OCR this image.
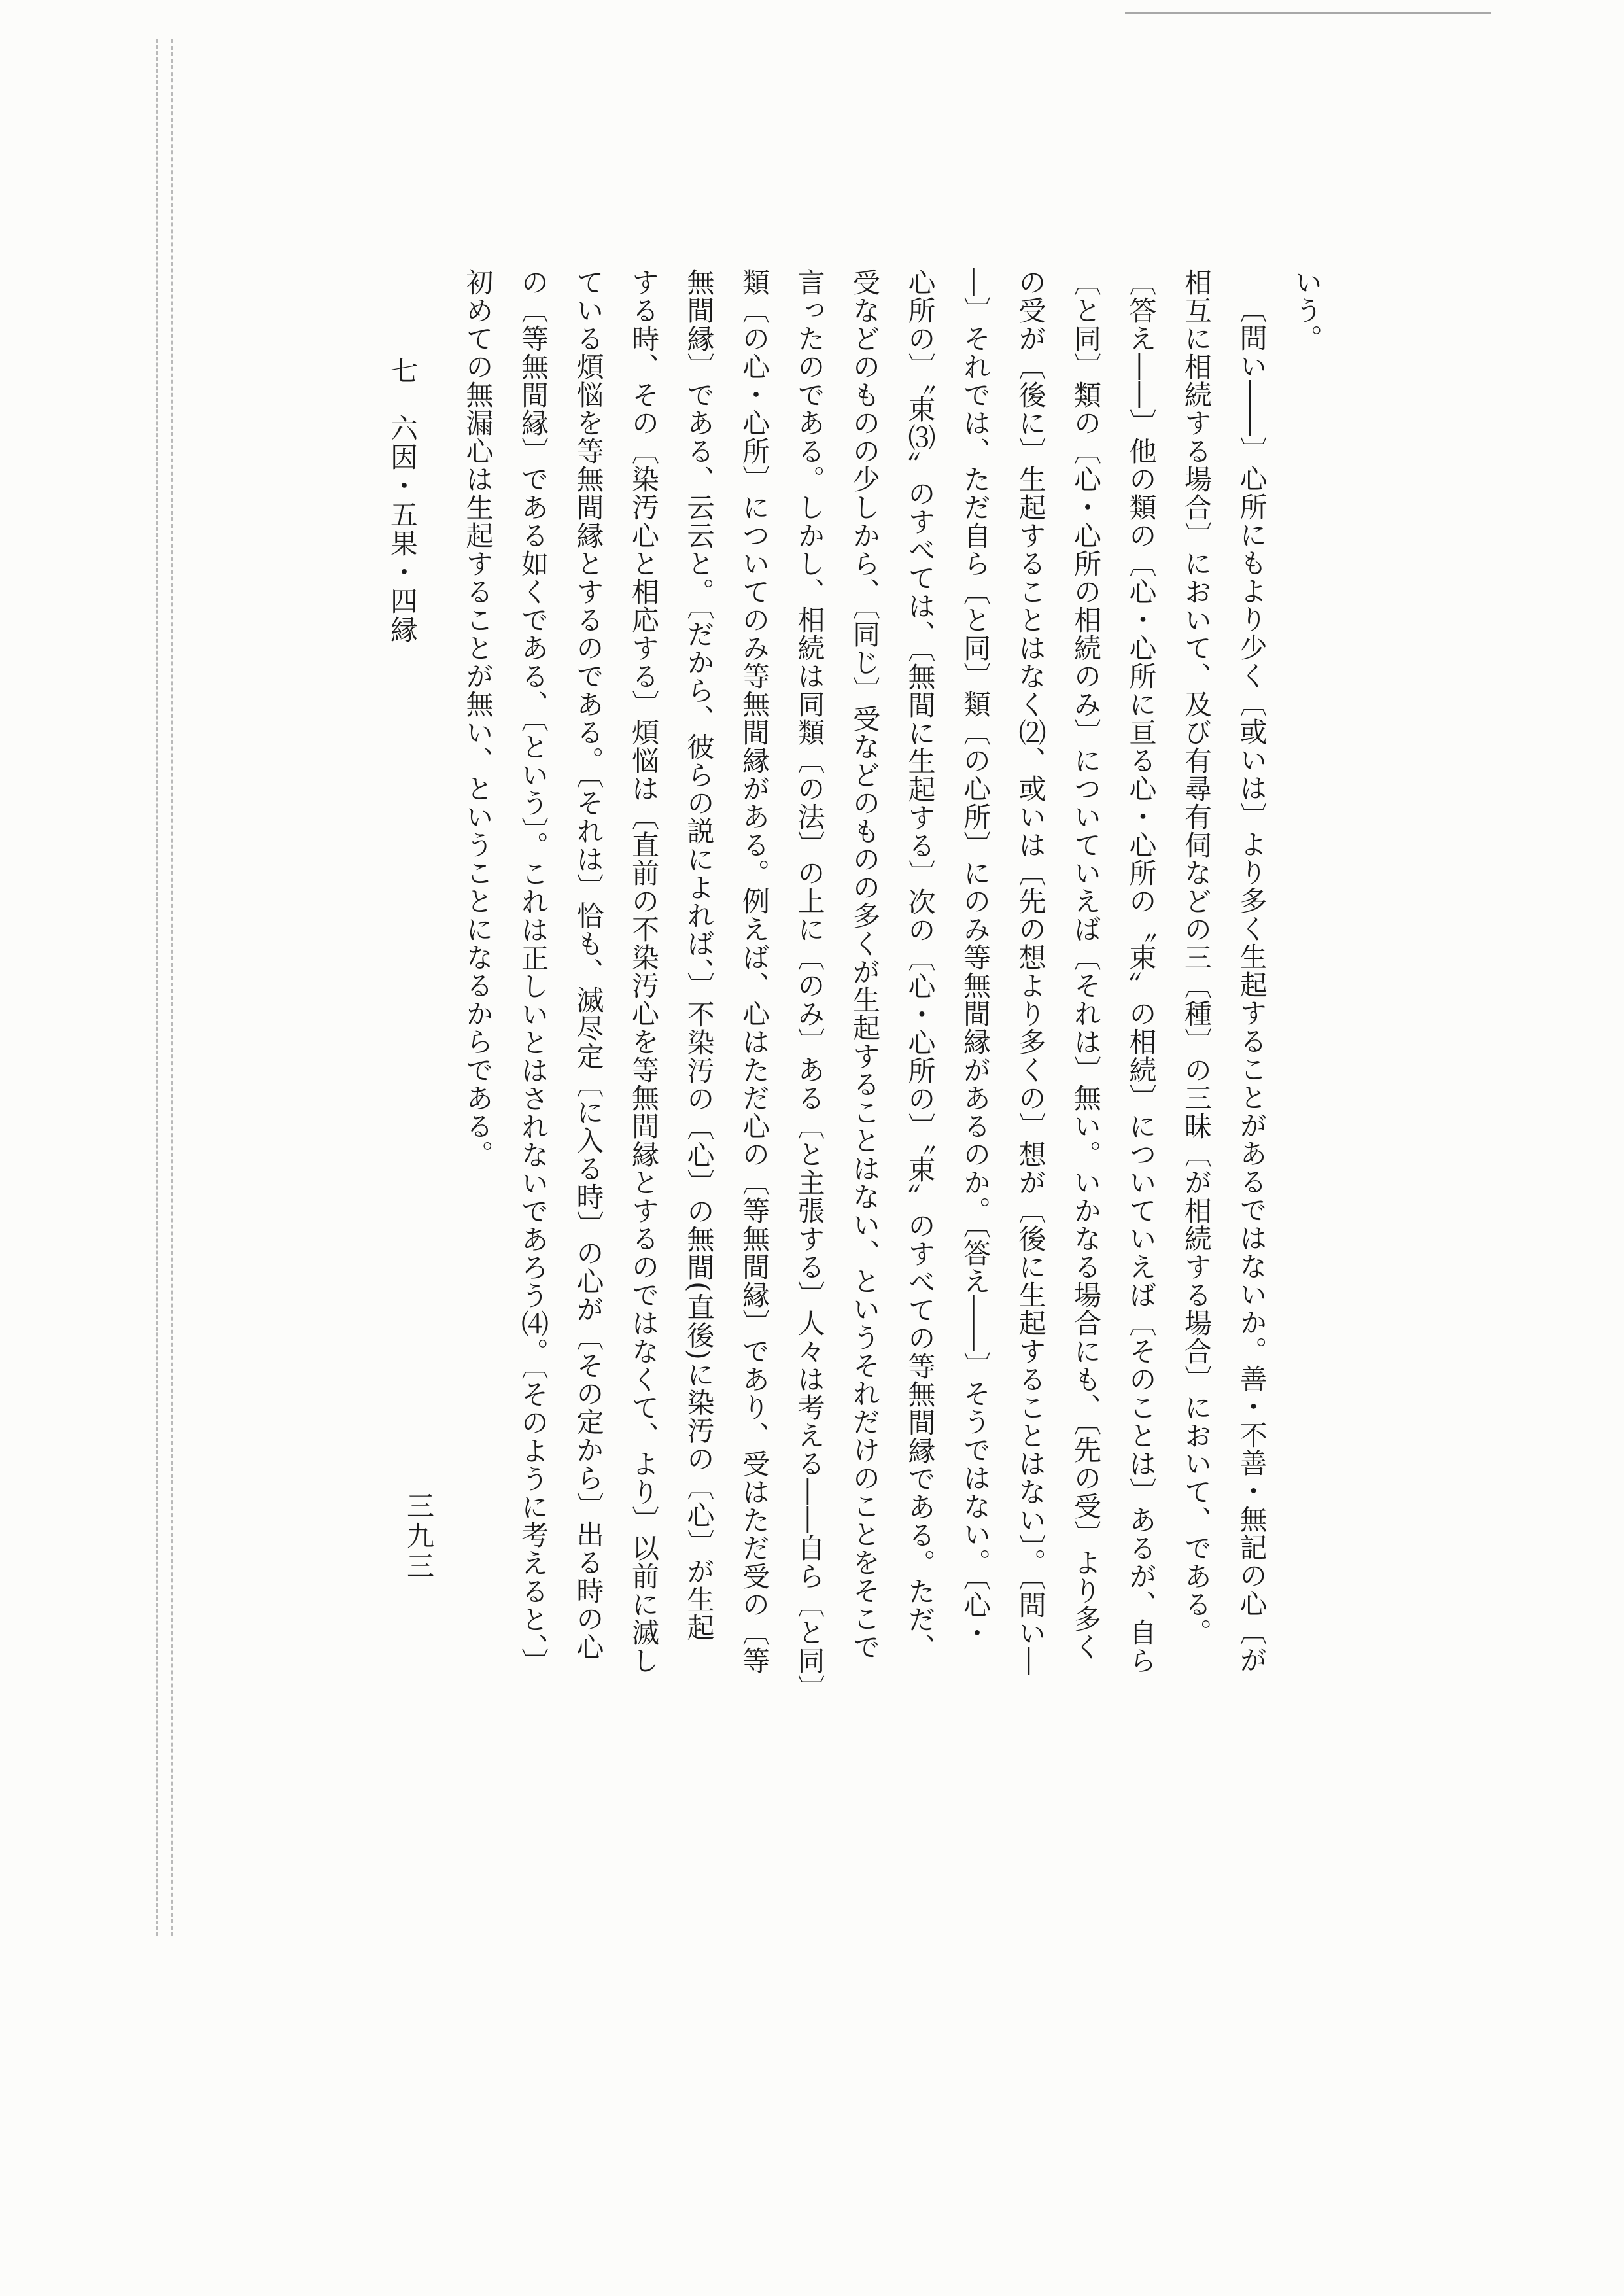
いう。

〔問い――〕心所にもより少く〔或いは〕より多く生起することがあるではないか。善・不善・無記の心〔が

相互に相続する場合〕において、及び有尋有伺などの三〔種〕の三昧〔が相続する場合〕において、である。

〔答え――〕他の類の〔心・心所に亘る心・心所の〝束〟の相続〕についていえば〔そのことは〕あるが、自ら

〔と同〕類の〔心・心所の相続のみ〕についていえば〔それは〕無い。いかなる場合にも、〔先の受〕より多く

の受が〔後に〕生起することはなく⑵、或いは〔先の想より多くの〕想が〔後に生起することはない〕。〔問い―

―〕それでは、ただ自ら〔と同〕類〔の心所〕にのみ等無間縁があるのか。〔答え――〕そうではない。〔心・

心所の〕〝束⑶〟のすべては、〔無間に生起する〕次の〔心・心所の〕〝束〟のすべての等無間縁である。ただ、

受などのものの少しから、〔同じ〕受などのものの多くが生起することはない、というそれだけのことをそこで

言ったのである。しかし、相続は同類〔の法〕の上に〔のみ〕ある〔と主張する〕人々は考える――自ら〔と同〕

類〔の心・心所〕についてのみ等無間縁がある。例えば、心はただ心の〔等無間縁〕であり、受はただ受の〔等

無間縁〕である、云云と。〔だから、彼らの説によれば、〕不染汚の〔心〕の無間(直後)に染汚の〔心〕が生起

する時、その〔染汚心と相応する〕煩悩は〔直前の不染汚心を等無間縁とするのではなくて、より〕以前に滅し

ている煩悩を等無間縁とするのである。〔それは〕恰も、滅尽定〔に入る時〕の心が〔その定から〕出る時の心

の〔等無間縁〕である如くである、〔という〕。これは正しいとはされないであろう⑷。〔そのように考えると、〕

初めての無漏心は生起することが無い、ということになるからである。

七　六因・五果・四縁
三九三
